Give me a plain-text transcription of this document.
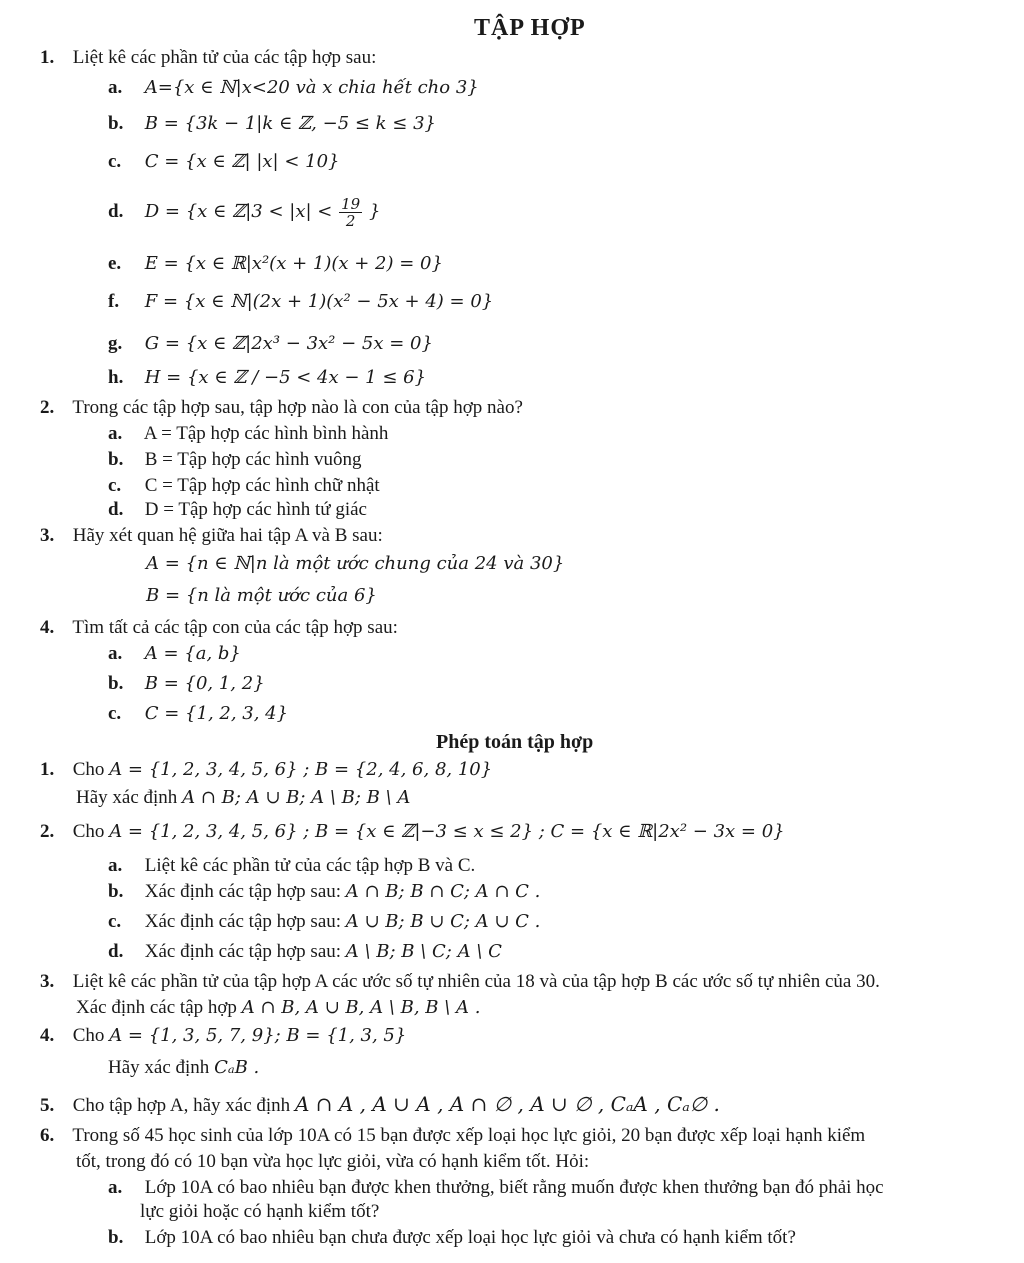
TẬP HỢP
1. Liệt kê các phần tử của các tập hợp sau:
a. A={x ∈ ℕ|x<20 và x chia hết cho 3}
b. B = {3k − 1|k ∈ ℤ, −5 ≤ k ≤ 3}
c. C = {x ∈ ℤ| |x| < 10}
d. D = {x ∈ ℤ|3 < $|x| < \frac{19}{2}$ }
e. E = {x ∈ ℝ|x²(x + 1)(x + 2) = 0}
f. F = {x ∈ ℕ|(2x + 1)(x² − 5x + 4) = 0}
g. G = {x ∈ ℤ|2x³ − 3x² − 5x = 0}
h. H = {x ∈ ℤ / −5 < 4x − 1 ≤ 6}
2. Trong các tập hợp sau, tập hợp nào là con của tập hợp nào?
a. A = Tập hợp các hình bình hành
b. B = Tập hợp các hình vuông
c. C = Tập hợp các hình chữ nhật
d. D = Tập hợp các hình tứ giác
3. Hãy xét quan hệ giữa hai tập A và B sau:
A = {n ∈ ℕ|n là một ước chung của 24 và 30}
B = {n là một ước của 6}
4. Tìm tất cả các tập con của các tập hợp sau:
a. A = {a, b}
b. B = {0, 1, 2}
c. C = {1, 2, 3, 4}
Phép toán tập hợp
1. Cho A = {1, 2, 3, 4, 5, 6} ; B = {2, 4, 6, 8, 10}
Hãy xác định A ∩ B; A ∪ B; A \ B; B \ A
2. Cho A = {1, 2, 3, 4, 5, 6} ; B = {x ∈ ℤ|−3 ≤ x ≤ 2} ; C = {x ∈ ℝ|2x² − 3x = 0}
a. Liệt kê các phần tử của các tập hợp B và C.
b. Xác định các tập hợp sau: A ∩ B; B ∩ C; A ∩ C .
c. Xác định các tập hợp sau: A ∪ B; B ∪ C; A ∪ C .
d. Xác định các tập hợp sau: A \ B; B \ C; A \ C
3. Liệt kê các phần tử của tập hợp A các ước số tự nhiên của 18 và của tập hợp B các ước số tự nhiên của 30.
Xác định các tập hợp A ∩ B, A ∪ B, A \ B, B \ A .
4. Cho A = {1, 3, 5, 7, 9}; B = {1, 3, 5}
Hãy xác định CₐB .
5. Cho tập hợp A, hãy xác định A ∩ A , A ∪ A , A ∩ ∅ , A ∪ ∅ , CₐA , Cₐ∅ .
6. Trong số 45 học sinh của lớp 10A có 15 bạn được xếp loại học lực giỏi, 20 bạn được xếp loại hạnh kiểm
tốt, trong đó có 10 bạn vừa học lực giỏi, vừa có hạnh kiểm tốt. Hỏi:
a. Lớp 10A có bao nhiêu bạn được khen thưởng, biết rằng muốn được khen thưởng bạn đó phải học
lực giỏi hoặc có hạnh kiểm tốt?
b. Lớp 10A có bao nhiêu bạn chưa được xếp loại học lực giỏi và chưa có hạnh kiểm tốt?
